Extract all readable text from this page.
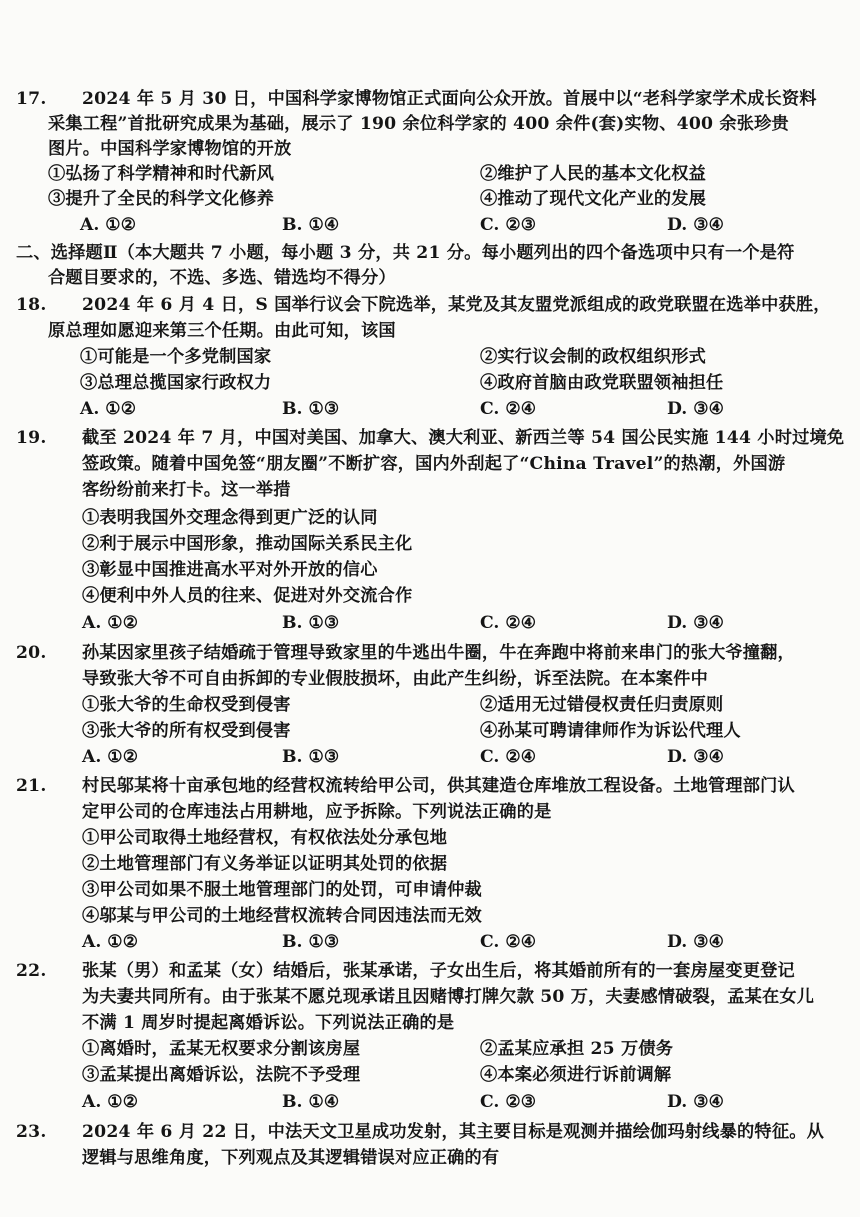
17. 2024 年 5 月 30 日，中国科学家博物馆正式面向公众开放。首展中以“老科学家学术成长资料
采集工程”首批研究成果为基础，展示了 190 余位科学家的 400 余件(套)实物、400 余张珍贵
图片。中国科学家博物馆的开放
①弘扬了科学精神和时代新风	②维护了人民的基本文化权益
③提升了全民的科学文化修养	④推动了现代文化产业的发展
A. ①②	B. ①④	C. ②③	D. ③④
二、选择题Ⅱ（本大题共 7 小题，每小题 3 分，共 21 分。每小题列出的四个备选项中只有一个是符
合题目要求的，不选、多选、错选均不得分）
18. 2024 年 6 月 4 日，S 国举行议会下院选举，某党及其友盟党派组成的政党联盟在选举中获胜，
原总理如愿迎来第三个任期。由此可知，该国
①可能是一个多党制国家	②实行议会制的政权组织形式
③总理总揽国家行政权力	④政府首脑由政党联盟领袖担任
A. ①②	B. ①③	C. ②④	D. ③④
19. 截至 2024 年 7 月，中国对美国、加拿大、澳大利亚、新西兰等 54 国公民实施 144 小时过境免
签政策。随着中国免签“朋友圈”不断扩容，国内外刮起了“China Travel”的热潮，外国游
客纷纷前来打卡。这一举措
①表明我国外交理念得到更广泛的认同
②利于展示中国形象，推动国际关系民主化
③彰显中国推进高水平对外开放的信心
④便利中外人员的往来、促进对外交流合作
A. ①②	B. ①③	C. ②④	D. ③④
20. 孙某因家里孩子结婚疏于管理导致家里的牛逃出牛圈，牛在奔跑中将前来串门的张大爷撞翻，
导致张大爷不可自由拆卸的专业假肢损坏，由此产生纠纷，诉至法院。在本案件中
①张大爷的生命权受到侵害	②适用无过错侵权责任归责原则
③张大爷的所有权受到侵害	④孙某可聘请律师作为诉讼代理人
A. ①②	B. ①③	C. ②④	D. ③④
21. 村民邬某将十亩承包地的经营权流转给甲公司，供其建造仓库堆放工程设备。土地管理部门认
定甲公司的仓库违法占用耕地，应予拆除。下列说法正确的是
①甲公司取得土地经营权，有权依法处分承包地
②土地管理部门有义务举证以证明其处罚的依据
③甲公司如果不服土地管理部门的处罚，可申请仲裁
④邬某与甲公司的土地经营权流转合同因违法而无效
A. ①②	B. ①③	C. ②④	D. ③④
22. 张某（男）和孟某（女）结婚后，张某承诺，子女出生后，将其婚前所有的一套房屋变更登记
为夫妻共同所有。由于张某不愿兑现承诺且因赌博打牌欠款 50 万，夫妻感情破裂，孟某在女儿
不满 1 周岁时提起离婚诉讼。下列说法正确的是
①离婚时，孟某无权要求分割该房屋	②孟某应承担 25 万债务
③孟某提出离婚诉讼，法院不予受理	④本案必须进行诉前调解
A. ①②	B. ①④	C. ②③	D. ③④
23. 2024 年 6 月 22 日，中法天文卫星成功发射，其主要目标是观测并描绘伽玛射线暴的特征。从
逻辑与思维角度，下列观点及其逻辑错误对应正确的有
